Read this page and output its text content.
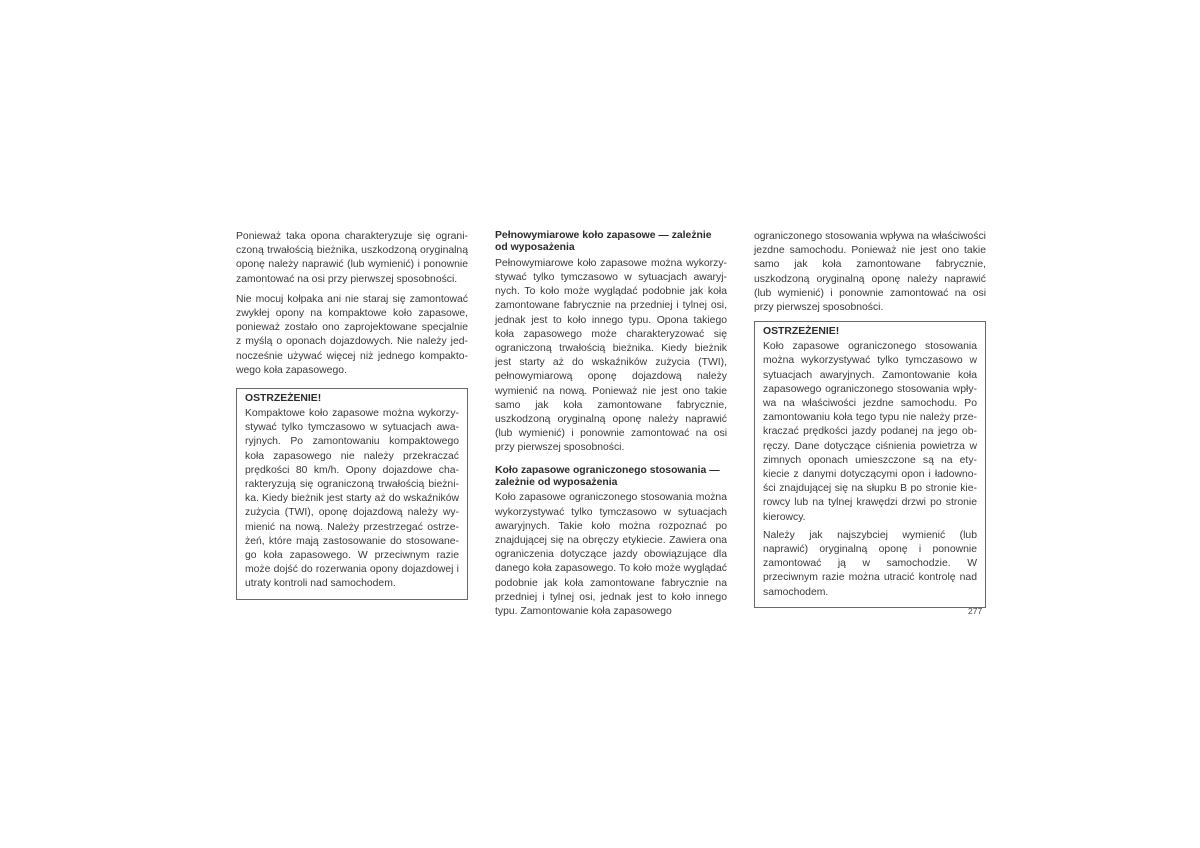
Ponieważ taka opona charakteryzuje się ograniczoną trwałością bieżnika, uszkodzoną oryginalną oponę należy naprawić (lub wymienić) i ponownie zamontować na osi przy pierwszej sposobności.

Nie mocuj kołpaka ani nie staraj się zamontować zwykłej opony na kompaktowe koło zapasowe, ponieważ zostało ono zaprojektowane specjalnie z myślą o oponach dojazdowych. Nie należy jednocześnie używać więcej niż jednego kompaktowego koła zapasowego.

OSTRZEŻENIE!

Kompaktowe koło zapasowe można wykorzystywać tylko tymczasowo w sytuacjach awaryjnych. Po zamontowaniu kompaktowego koła zapasowego nie należy przekraczać prędkości 80 km/h. Opony dojazdowe charakteryzują się ograniczoną trwałością bieżnika. Kiedy bieżnik jest starty aż do wskaźników zużycia (TWI), oponę dojazdową należy wymienić na nową. Należy przestrzegać ostrzeżeń, które mają zastosowanie do stosowanego koła zapasowego. W przeciwnym razie może dojść do rozerwania opony dojazdowej i utraty kontroli nad samochodem.

Pełnowymiarowe koło zapasowe — zależnie od wyposażenia

Pełnowymiarowe koło zapasowe można wykorzystywać tylko tymczasowo w sytuacjach awaryjnych. To koło może wyglądać podobnie jak koła zamontowane fabrycznie na przedniej i tylnej osi, jednak jest to koło innego typu. Opona takiego koła zapasowego może charakteryzować się ograniczoną trwałością bieżnika. Kiedy bieżnik jest starty aż do wskaźników zużycia (TWI), pełnowymiarową oponę dojazdową należy wymienić na nową. Ponieważ nie jest ono takie samo jak koła zamontowane fabrycznie, uszkodzoną oryginalną oponę należy naprawić (lub wymienić) i ponownie zamontować na osi przy pierwszej sposobności.

Koło zapasowe ograniczonego stosowania — zależnie od wyposażenia

Koło zapasowe ograniczonego stosowania można wykorzystywać tylko tymczasowo w sytuacjach awaryjnych. Takie koło można rozpoznać po znajdującej się na obręczy etykiecie. Zawiera ona ograniczenia dotyczące jazdy obowiązujące dla danego koła zapasowego. To koło może wyglądać podobnie jak koła zamontowane fabrycznie na przedniej i tylnej osi, jednak jest to koło innego typu. Zamontowanie koła zapasowego

ograniczonego stosowania wpływa na właściwości jezdne samochodu. Ponieważ nie jest ono takie samo jak koła zamontowane fabrycznie, uszkodzoną oryginalną oponę należy naprawić (lub wymienić) i ponownie zamontować na osi przy pierwszej sposobności.

OSTRZEŻENIE!

Koło zapasowe ograniczonego stosowania można wykorzystywać tylko tymczasowo w sytuacjach awaryjnych. Zamontowanie koła zapasowego ograniczonego stosowania wpływa na właściwości jezdne samochodu. Po zamontowaniu koła tego typu nie należy przekraczać prędkości jazdy podanej na jego obręczy. Dane dotyczące ciśnienia powietrza w zimnych oponach umieszczone są na etykiecie z danymi dotyczącymi opon i ładowności znajdującej się na słupku B po stronie kierowcy lub na tylnej krawędzi drzwi po stronie kierowcy.

Należy jak najszybciej wymienić (lub naprawić) oryginalną oponę i ponownie zamontować ją w samochodzie. W przeciwnym razie można utracić kontrolę nad samochodem.

277
